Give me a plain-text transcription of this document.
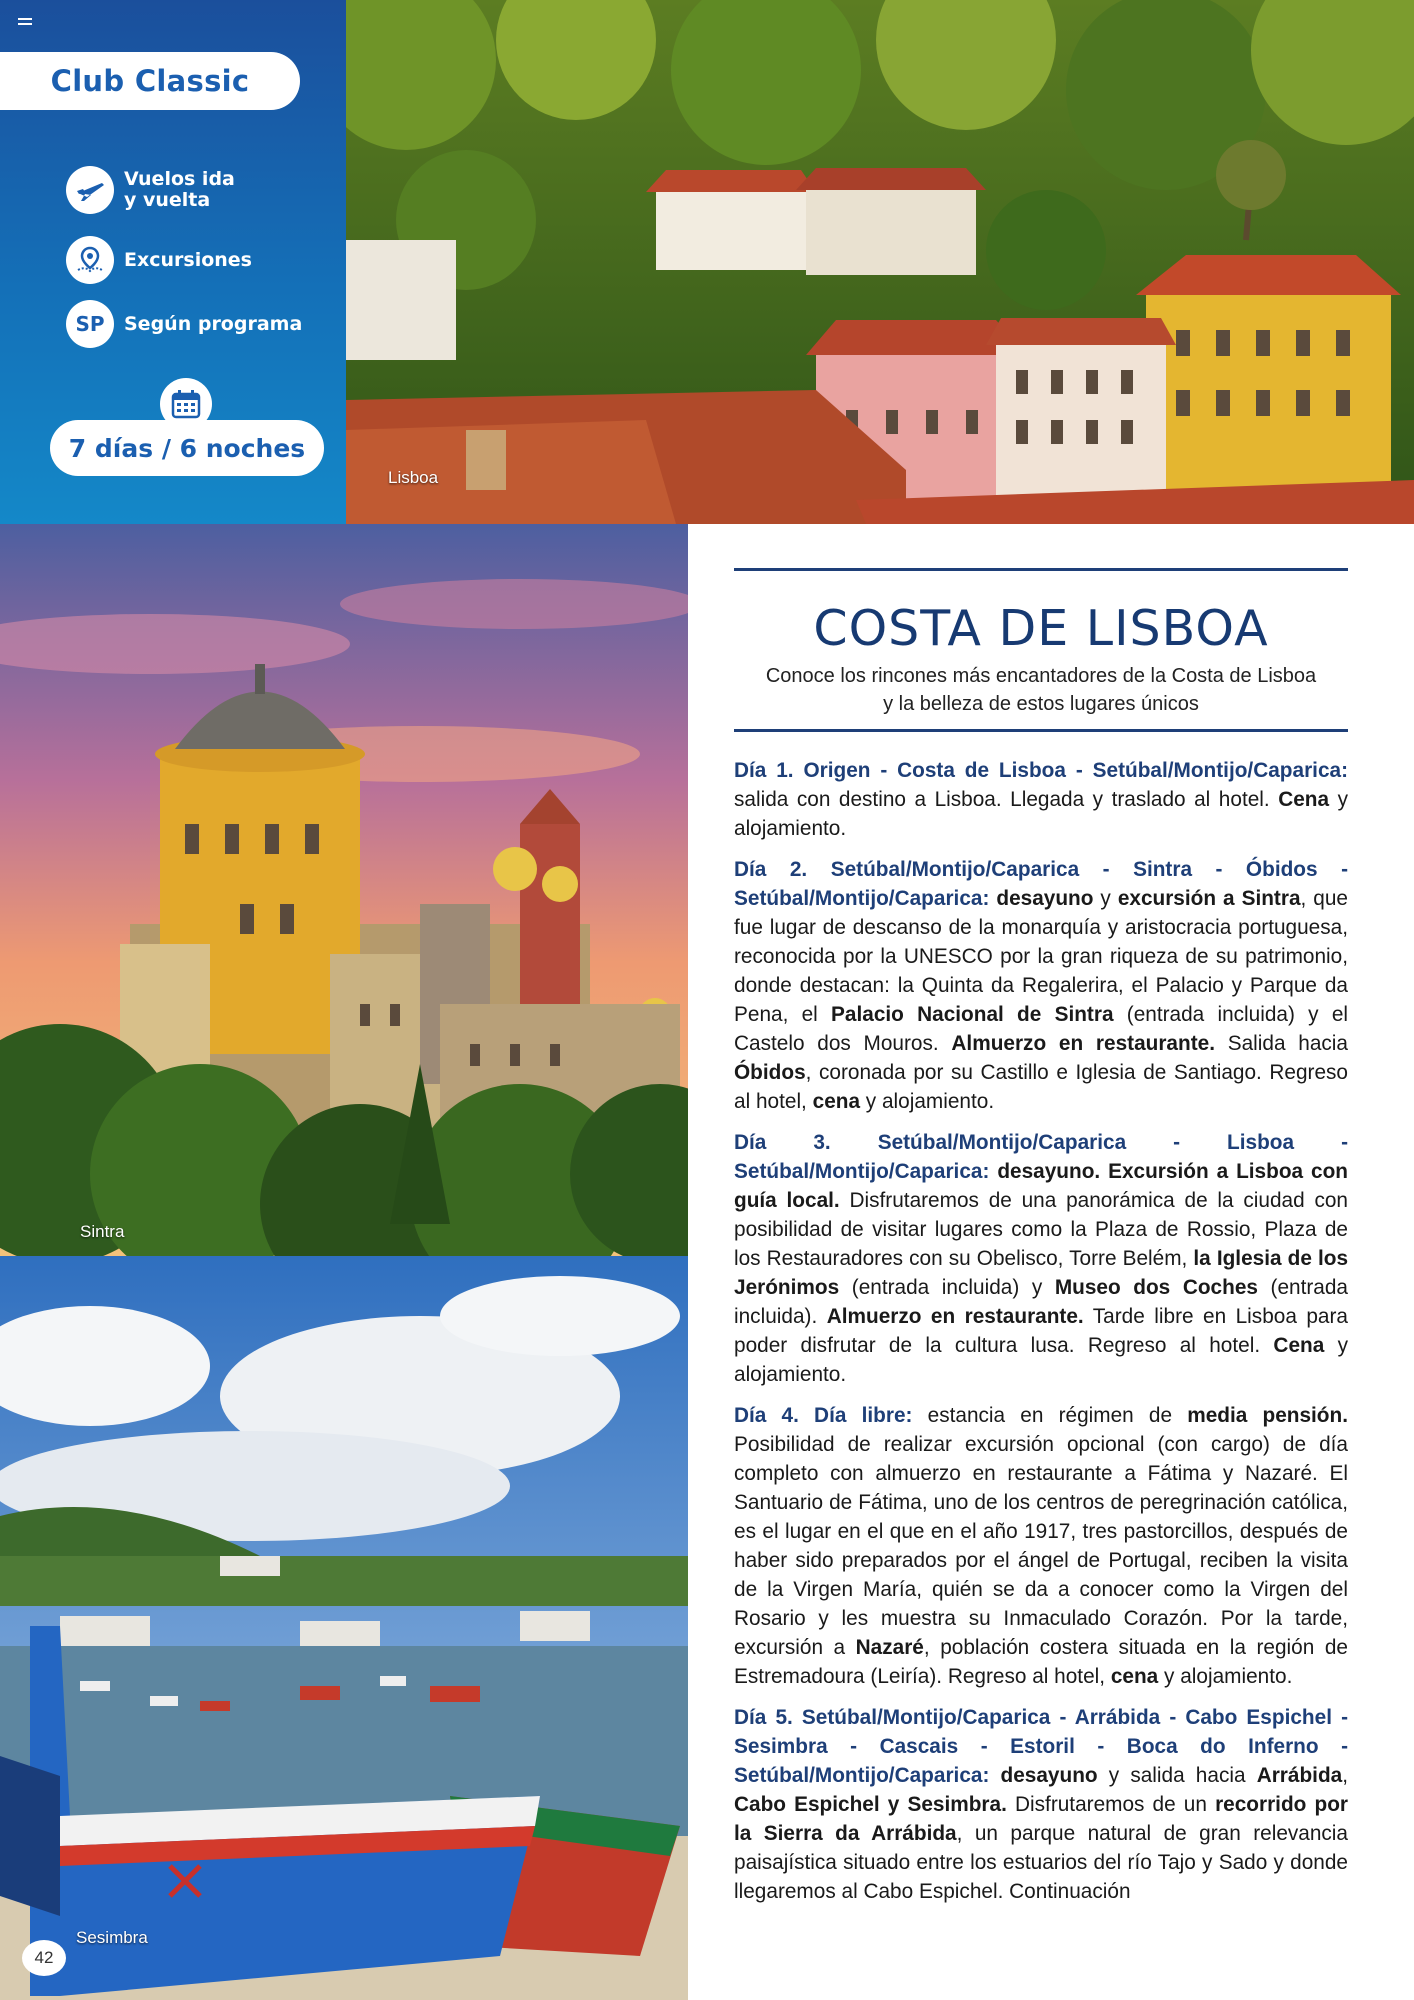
Lisboa
Club Classic
Vuelos ida
y vuelta
Excursiones
SP	Según programa
7 días / 6 noches
Sintra
Sesimbra
42
COSTA DE LISBOA
Conoce los rincones más encantadores de la Costa de Lisboa
y la belleza de estos lugares únicos

Día 1. Origen - Costa de Lisboa - Setúbal/Montijo/Caparica: salida con destino a Lisboa. Llegada y traslado al hotel. Cena y alojamiento.

Día 2. Setúbal/Montijo/Caparica - Sintra - Óbidos - Setúbal/Montijo/Caparica: desayuno y excursión a Sintra, que fue lugar de descanso de la monarquía y aristocracia portuguesa, reconocida por la UNESCO por la gran riqueza de su patrimonio, donde destacan: la Quinta da Regalerira, el Palacio y Parque da Pena, el Palacio Nacional de Sintra (entrada incluida) y el Castelo dos Mouros. Almuerzo en restaurante. Salida hacia Óbidos, coronada por su Castillo e Iglesia de Santiago. Regreso al hotel, cena y alojamiento.

Día 3. Setúbal/Montijo/Caparica - Lisboa - Setúbal/Montijo/Caparica: desayuno. Excursión a Lisboa con guía local. Disfrutaremos de una panorámica de la ciudad con posibilidad de visitar lugares como la Plaza de Rossio, Plaza de los Restauradores con su Obelisco, Torre Belém, la Iglesia de los Jerónimos (entrada incluida) y Museo dos Coches (entrada incluida). Almuerzo en restaurante. Tarde libre en Lisboa para poder disfrutar de la cultura lusa. Regreso al hotel. Cena y alojamiento.

Día 4. Día libre: estancia en régimen de media pensión. Posibilidad de realizar excursión opcional (con cargo) de día completo con almuerzo en restaurante a Fátima y Nazaré. El Santuario de Fátima, uno de los centros de peregrinación católica, es el lugar en el que en el año 1917, tres pastorcillos, después de haber sido preparados por el ángel de Portugal, reciben la visita de la Virgen María, quién se da a conocer como la Virgen del Rosario y les muestra su Inmaculado Corazón. Por la tarde, excursión a Nazaré, población costera situada en la región de Estremadoura (Leiría). Regreso al hotel, cena y alojamiento.

Día 5. Setúbal/Montijo/Caparica - Arrábida - Cabo Espichel - Sesimbra - Cascais - Estoril - Boca do Inferno - Setúbal/Montijo/Caparica: desayuno y salida hacia Arrábida, Cabo Espichel y Sesimbra. Disfrutaremos de un recorrido por la Sierra da Arrábida, un parque natural de gran relevancia paisajística situado entre los estuarios del río Tajo y Sado y donde llegaremos al Cabo Espichel. Continuación
